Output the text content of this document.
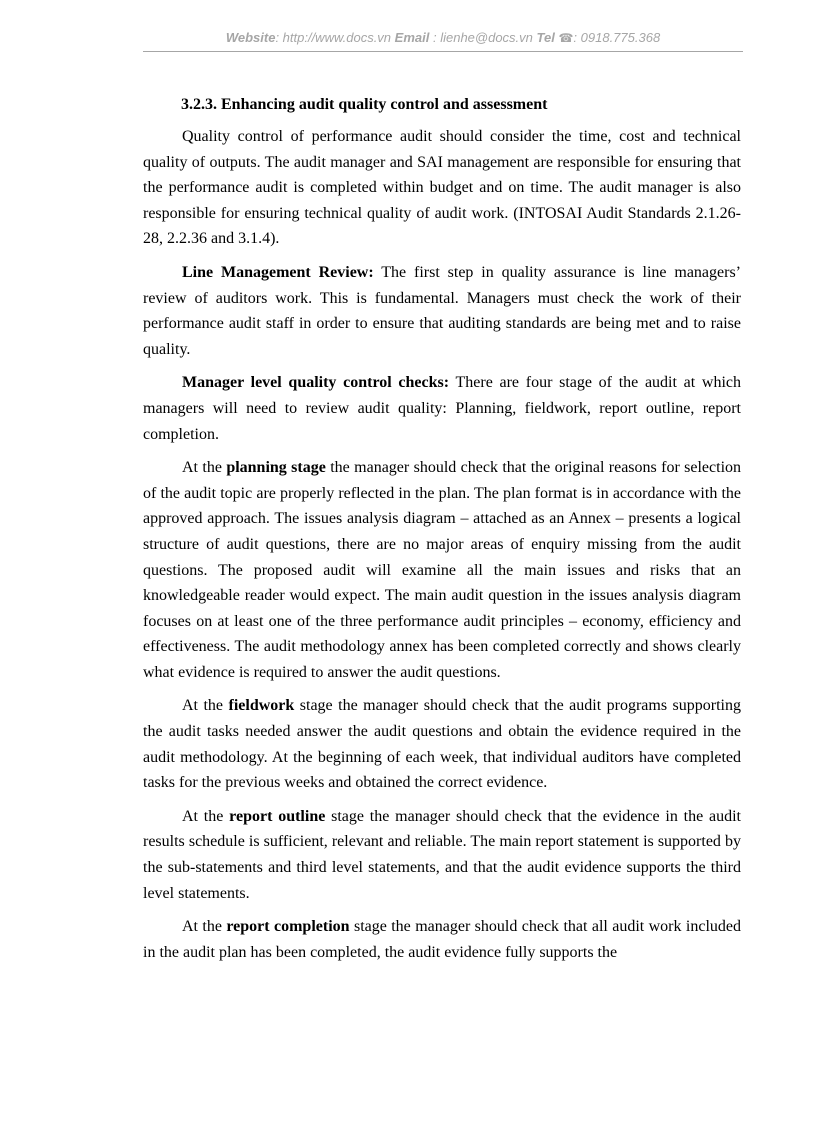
Website: http://www.docs.vn Email : lienhe@docs.vn Tel ☎: 0918.775.368
3.2.3. Enhancing audit quality control and assessment

Quality control of performance audit should consider the time, cost and technical quality of outputs. The audit manager and SAI management are responsible for ensuring that the performance audit is completed within budget and on time. The audit manager is also responsible for ensuring technical quality of audit work. (INTOSAI Audit Standards 2.1.26-28, 2.2.36 and 3.1.4).

Line Management Review: The first step in quality assurance is line managers’ review of auditors work. This is fundamental. Managers must check the work of their performance audit staff in order to ensure that auditing standards are being met and to raise quality.

Manager level quality control checks: There are four stage of the audit at which managers will need to review audit quality: Planning, fieldwork, report outline, report completion.

At the planning stage the manager should check that the original reasons for selection of the audit topic are properly reflected in the plan. The plan format is in accordance with the approved approach. The issues analysis diagram – attached as an Annex – presents a logical structure of audit questions, there are no major areas of enquiry missing from the audit questions. The proposed audit will examine all the main issues and risks that an knowledgeable reader would expect. The main audit question in the issues analysis diagram focuses on at least one of the three performance audit principles – economy, efficiency and effectiveness. The audit methodology annex has been completed correctly and shows clearly what evidence is required to answer the audit questions.

At the fieldwork stage the manager should check that the audit programs supporting the audit tasks needed answer the audit questions and obtain the evidence required in the audit methodology. At the beginning of each week, that individual auditors have completed tasks for the previous weeks and obtained the correct evidence.

At the report outline stage the manager should check that the evidence in the audit results schedule is sufficient, relevant and reliable. The main report statement is supported by the sub-statements and third level statements, and that the audit evidence supports the third level statements.

At the report completion stage the manager should check that all audit work included in the audit plan has been completed, the audit evidence fully supports the
